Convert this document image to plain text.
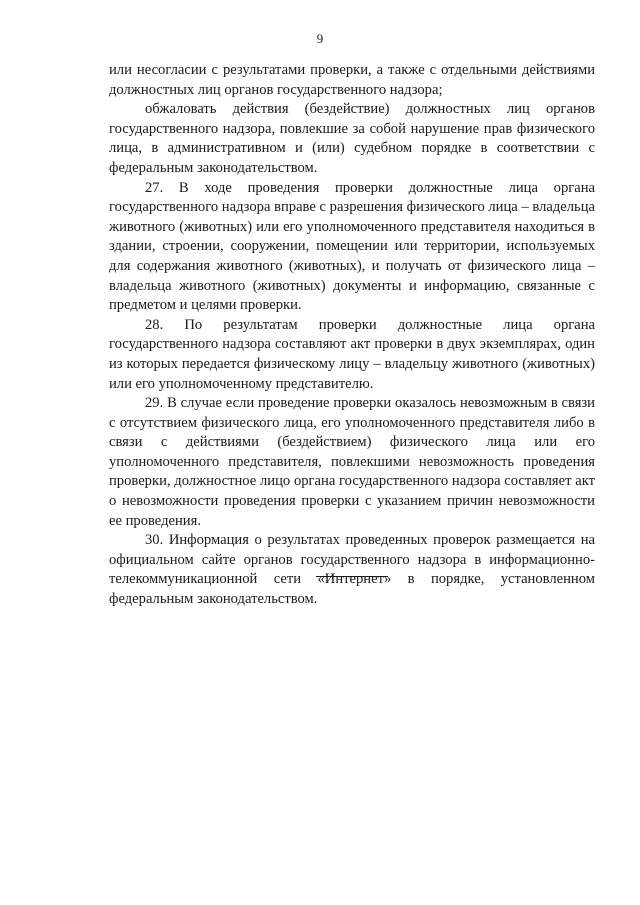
9

или несогласии с результатами проверки, а также с отдельными действиями должностных лиц органов государственного надзора;

обжаловать действия (бездействие) должностных лиц органов государственного надзора, повлекшие за собой нарушение прав физического лица, в административном и (или) судебном порядке в соответствии с федеральным законодательством.

27. В ходе проведения проверки должностные лица органа государственного надзора вправе с разрешения физического лица – владельца животного (животных) или его уполномоченного представителя находиться в здании, строении, сооружении, помещении или территории, используемых для содержания животного (животных), и получать от физического лица – владельца животного (животных) документы и информацию, связанные с предметом и целями проверки.

28. По результатам проверки должностные лица органа государственного надзора составляют акт проверки в двух экземплярах, один из которых передается физическому лицу – владельцу животного (животных) или его уполномоченному представителю.

29. В случае если проведение проверки оказалось невозможным в связи с отсутствием физического лица, его уполномоченного представителя либо в связи с действиями (бездействием) физического лица или его уполномоченного представителя, повлекшими невозможность проведения проверки, должностное лицо органа государственного надзора составляет акт о невозможности проведения проверки с указанием причин невозможности ее проведения.

30. Информация о результатах проведенных проверок размещается на официальном сайте органов государственного надзора в информационно-телекоммуникационной сети «Интернет» в порядке, установленном федеральным законодательством.
